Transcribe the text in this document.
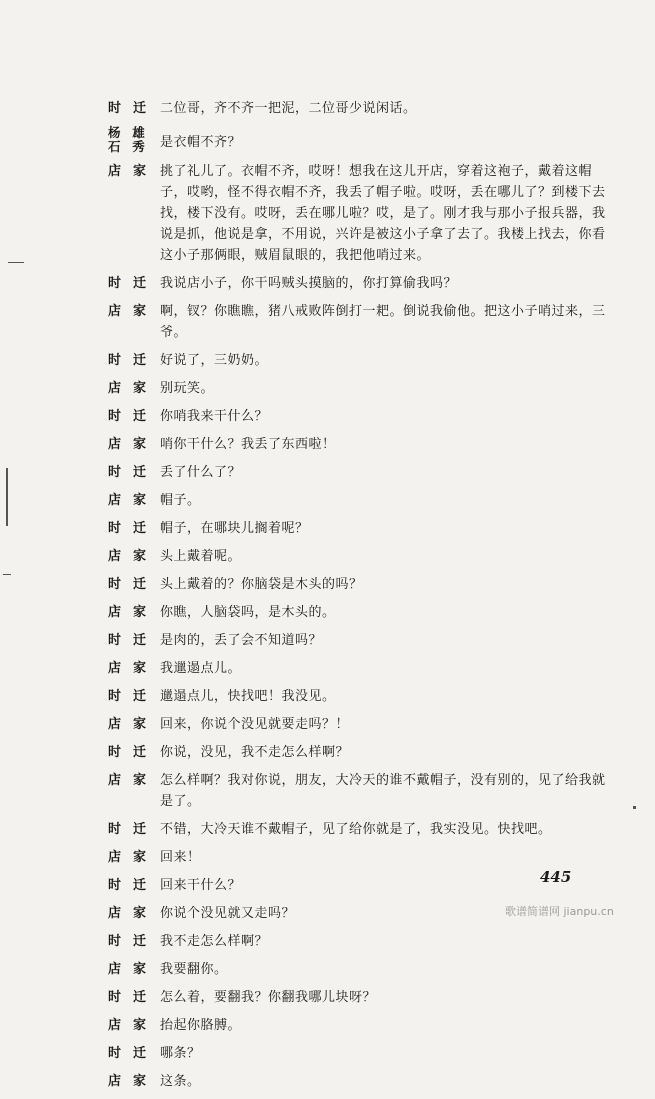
时  迁 二位哥，齐不齐一把泥，二位哥少说闲话。
杨  雄
石  秀	是衣帽不齐？
店  家 挑了礼儿了。衣帽不齐，哎呀！想我在这儿开店，穿着这袍子，戴着这帽子，哎哟，怪不得衣帽不齐，我丢了帽子啦。哎呀，丢在哪儿了？到楼下去找，楼下没有。哎呀，丢在哪儿啦？哎，是了。刚才我与那小子报兵器，我说是抓，他说是拿，不用说，兴许是被这小子拿了去了。我楼上找去，你看这小子那俩眼，贼眉鼠眼的，我把他哨过来。
时  迁 我说店小子，你干吗贼头摸脑的，你打算偷我吗？
店  家 啊，钗？你瞧瞧，猪八戒败阵倒打一耙。倒说我偷他。把这小子哨过来，三爷。
时  迁 好说了，三奶奶。
店  家 别玩笑。
时  迁 你哨我来干什么？
店  家 哨你干什么？我丢了东西啦！
时  迁 丢了什么了？
店  家 帽子。
时  迁 帽子，在哪块儿搁着呢？
店  家 头上戴着呢。
时  迁 头上戴着的？你脑袋是木头的吗？
店  家 你瞧，人脑袋吗，是木头的。
时  迁 是肉的，丢了会不知道吗？
店  家 我邋遢点儿。
时  迁 邋遢点儿，快找吧！我没见。
店  家 回来，你说个没见就要走吗？！
时  迁 你说，没见，我不走怎么样啊？
店  家 怎么样啊？我对你说，朋友，大冷天的谁不戴帽子，没有别的，见了给我就是了。
时  迁 不错，大冷天谁不戴帽子，见了给你就是了，我实没见。快找吧。
店  家 回来！
时  迁 回来干什么？
店  家 你说个没见就又走吗？
时  迁 我不走怎么样啊？
店  家 我要翻你。
时  迁 怎么着，要翻我？你翻我哪儿块呀？
店  家 抬起你胳膊。
时  迁 哪条？
店  家 这条。
445
歌谱简谱网 jianpu.cn
